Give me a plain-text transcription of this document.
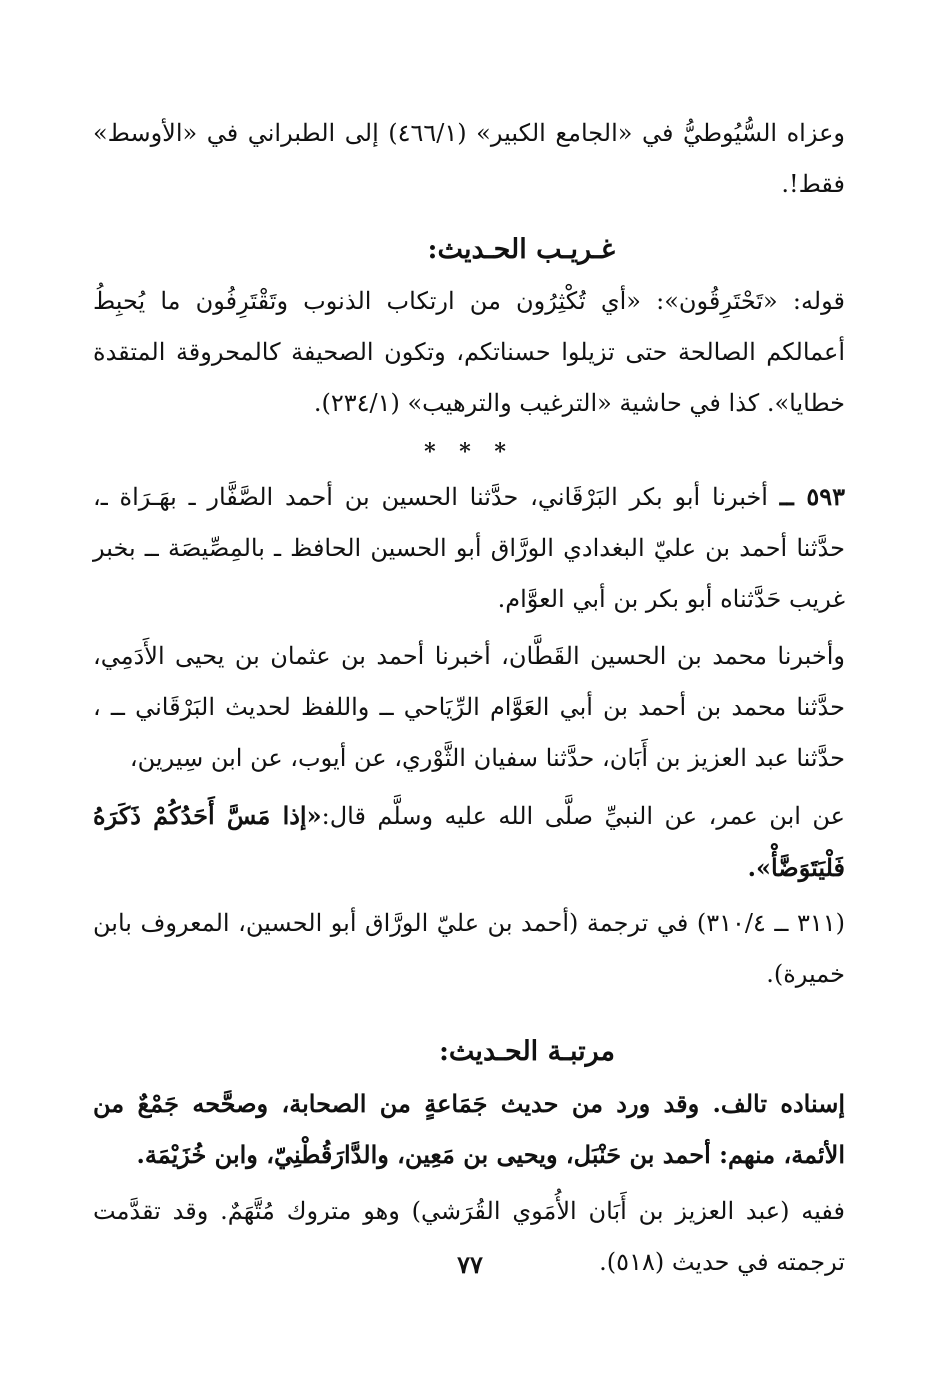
وعزاه السُّيُوطيُّ في «الجامع الكبير» (٤٦٦/١) إلى الطبراني في «الأوسط» فقط!.

غـريـب الحـديث:

قوله: «تَحْتَرِقُون»: «أي تُكْثِرُون من ارتكاب الذنوب وتَقْتَرِفُون ما يُحبِطُ أعمالكم الصالحة حتى تزيلوا حسناتكم، وتكون الصحيفة كالمحروقة المتقدة خطايا». كذا في حاشية «الترغيب والترهيب» (٢٣٤/١).

* * *

٥٩٣ ــ أخبرنا أبو بكر البَرْقَاني، حدَّثنا الحسين بن أحمد الصَّفَّار ـ بهَـرَاة ـ، حدَّثنا أحمد بن عليّ البغدادي الورَّاق أبو الحسين الحافظ ـ بالمِصِّيصَة ــ بخبر غريب حَدَّثناه أبو بكر بن أبي العوَّام.

وأخبرنا محمد بن الحسين القَطَّان، أخبرنا أحمد بن عثمان بن يحيى الأَدَمِي، حدَّثنا محمد بن أحمد بن أبي العَوَّام الرِّيَاحي ــ واللفظ لحديث البَرْقَاني ــ ، حدَّثنا عبد العزيز بن أَبَان، حدَّثنا سفيان الثَّوْري، عن أيوب، عن ابن سِيرين،

عن ابن عمر، عن النبيِّ صلَّى الله عليه وسلَّم قال:«إذا مَسَّ أَحَدُكُمْ ذَكَرَهُ فَلْيَتَوَضَّأْ».

(٣١١ ــ ٣١٠/٤) في ترجمة (أحمد بن عليّ الورَّاق أبو الحسين، المعروف بابن خميرة).

مرتبـة الحـديث:

إسناده تالف. وقد ورد من حديث جَمَاعةٍ من الصحابة، وصحَّحه جَمْعٌ من الأئمة، منهم: أحمد بن حَنْبَل، ويحيى بن مَعِين، والدَّارَقُطْنِيّ، وابن خُزَيْمَة.

ففيه (عبد العزيز بن أَبَان الأُمَوي القُرَشي) وهو متروك مُتَّهَمٌ. وقد تقدَّمت ترجمته في حديث (٥١٨).

٧٧
